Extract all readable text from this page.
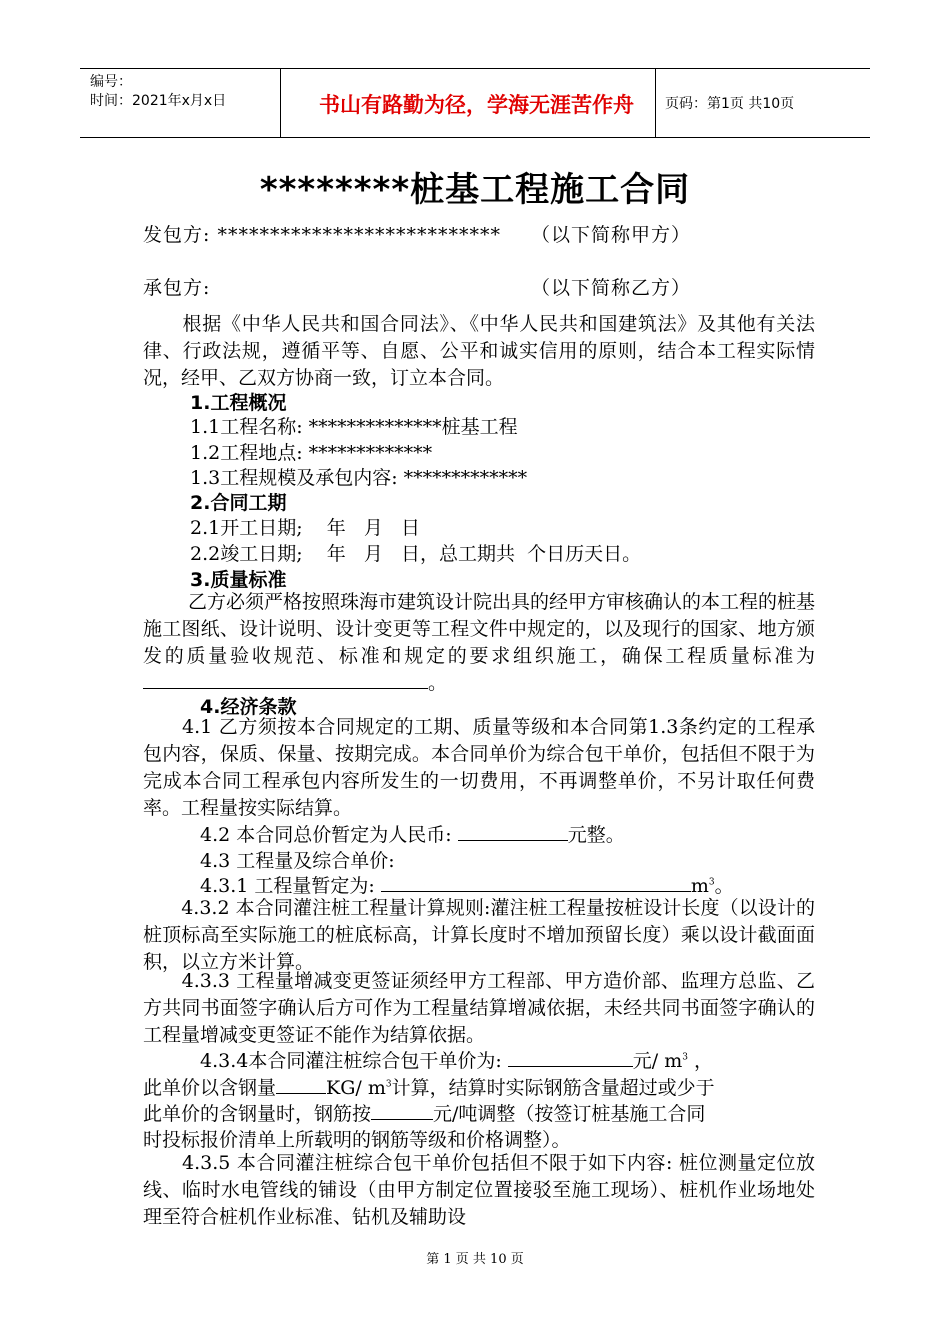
编号：
时间：2021年x月x日	书山有路勤为径，学海无涯苦作舟	页码：第1页 共10页
********桩基工程施工合同
发包方: *************************** （以下简称甲方）
承包方:	（以下简称乙方）
　　根据《中华人民共和国合同法》、《中华人民共和国建筑法》及其他有关法律、行政法规，遵循平等、自愿、公平和诚实信用的原则，结合本工程实际情况，经甲、乙双方协商一致，订立本合同。
1.工程概况
1.1工程名称: **************桩基工程
1.2工程地点: *************
1.3工程规模及承包内容: *************
2.合同工期
2.1开工日期;    年   月   日
2.2竣工日期;    年   月   日，总工期共  个日历天日。
3.质量标准
乙方必须严格按照珠海市建筑设计院出具的经甲方审核确认的本工程的桩基施工图纸、设计说明、设计变更等工程文件中规定的，以及现行的国家、地方颁发的质量验收规范、标准和规定的要求组织施工，确保工程质量标准为。
4.经济条款
　　4.1 乙方须按本合同规定的工期、质量等级和本合同第1.3条约定的工程承包内容，保质、保量、按期完成。本合同单价为综合包干单价，包括但不限于为完成本合同工程承包内容所发生的一切费用，不再调整单价，不另计取任何费率。工程量按实际结算。
4.2 本合同总价暂定为人民币:	元整。
4.3 工程量及综合单价:
4.3.1 工程量暂定为:	$m^3$。
　　4.3.2 本合同灌注桩工程量计算规则:灌注桩工程量按桩设计长度（以设计的桩顶标高至实际施工的桩底标高，计算长度时不增加预留长度）乘以设计截面面积，以立方米计算。
　　4.3.3 工程量增减变更签证须经甲方工程部、甲方造价部、监理方总监、乙方共同书面签字确认后方可作为工程量结算增减依据，未经共同书面签字确认的工程量增减变更签证不能作为结算依据。
4.3.4本合同灌注桩综合包干单价为:	元/ $m^3$ ，
此单价以含钢量	KG/ $m^3$计算，结算时实际钢筋含量超过或少于
此单价的含钢量时，钢筋按	元/吨调整（按签订桩基施工合同
时投标报价清单上所载明的钢筋等级和价格调整）。
　　4.3.5 本合同灌注桩综合包干单价包括但不限于如下内容: 桩位测量定位放线、临时水电管线的铺设（由甲方制定位置接驳至施工现场）、桩机作业场地处理至符合桩机作业标准、钻机及辅助设
第 1 页 共 10 页
